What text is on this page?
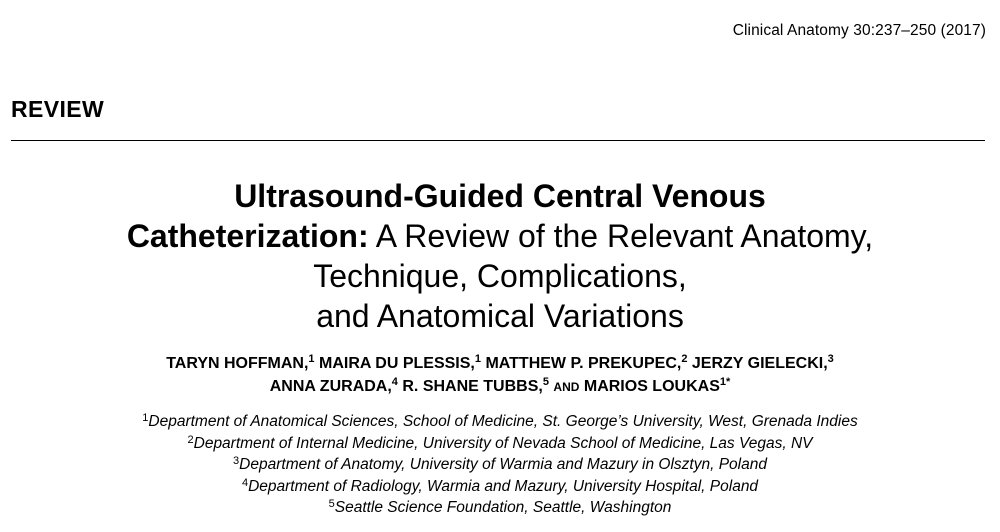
Clinical Anatomy 30:237–250 (2017)
REVIEW
Ultrasound-Guided Central Venous
Catheterization: A Review of the Relevant Anatomy,
Technique, Complications,
and Anatomical Variations
TARYN HOFFMAN,$^1$ MAIRA DU PLESSIS,$^1$ MATTHEW P. PREKUPEC,$^2$ JERZY GIELECKI,$^3$
ANNA ZURADA,$^4$ R. SHANE TUBBS,$^5$ AND MARIOS $LOUKAS^{1*}$
$^1$Department of Anatomical Sciences, School of Medicine, St. George’s University, West, Grenada Indies
$^2$Department of Internal Medicine, University of Nevada School of Medicine, Las Vegas, NV
$^3$Department of Anatomy, University of Warmia and Mazury in Olsztyn, Poland
$^4$Department of Radiology, Warmia and Mazury, University Hospital, Poland
$^5$Seattle Science Foundation, Seattle, Washington
